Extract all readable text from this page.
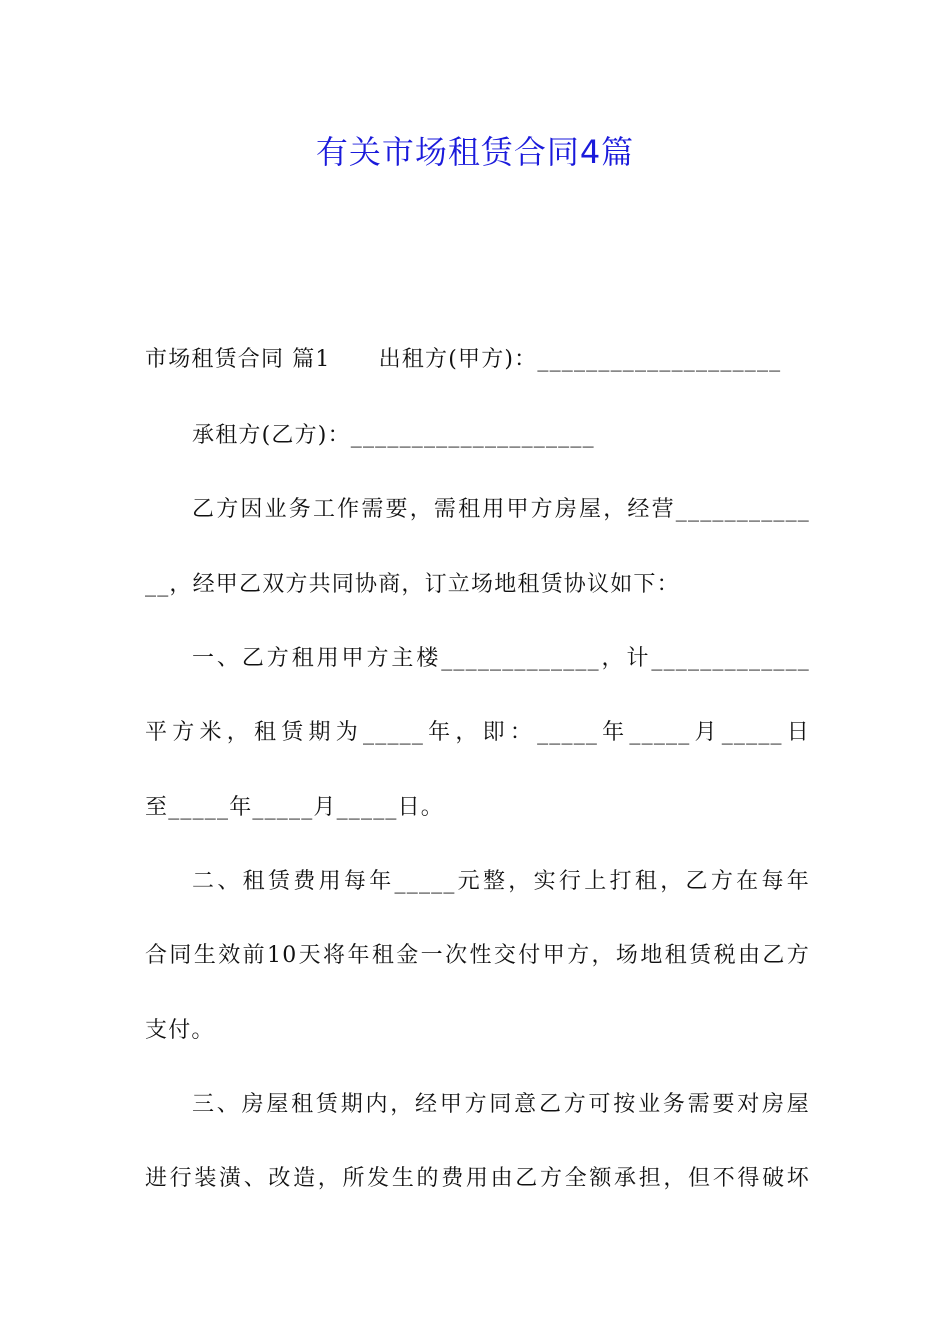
有关市场租赁合同4篇
市场租赁合同 篇1 出租方(甲方)：____________________
承租方(乙方)：____________________
乙方因业务工作需要，需租用甲方房屋，经营___________
__，经甲乙双方共同协商，订立场地租赁协议如下：
一、乙方租用甲方主楼_____________，计_____________
平方米，租赁期为_____年，即：_____年_____月_____日
至_____年_____月_____日。
二、租赁费用每年_____元整，实行上打租，乙方在每年
合同生效前10天将年租金一次性交付甲方，场地租赁税由乙方
支付。
三、房屋租赁期内，经甲方同意乙方可按业务需要对房屋
进行装潢、改造，所发生的费用由乙方全额承担，但不得破坏
